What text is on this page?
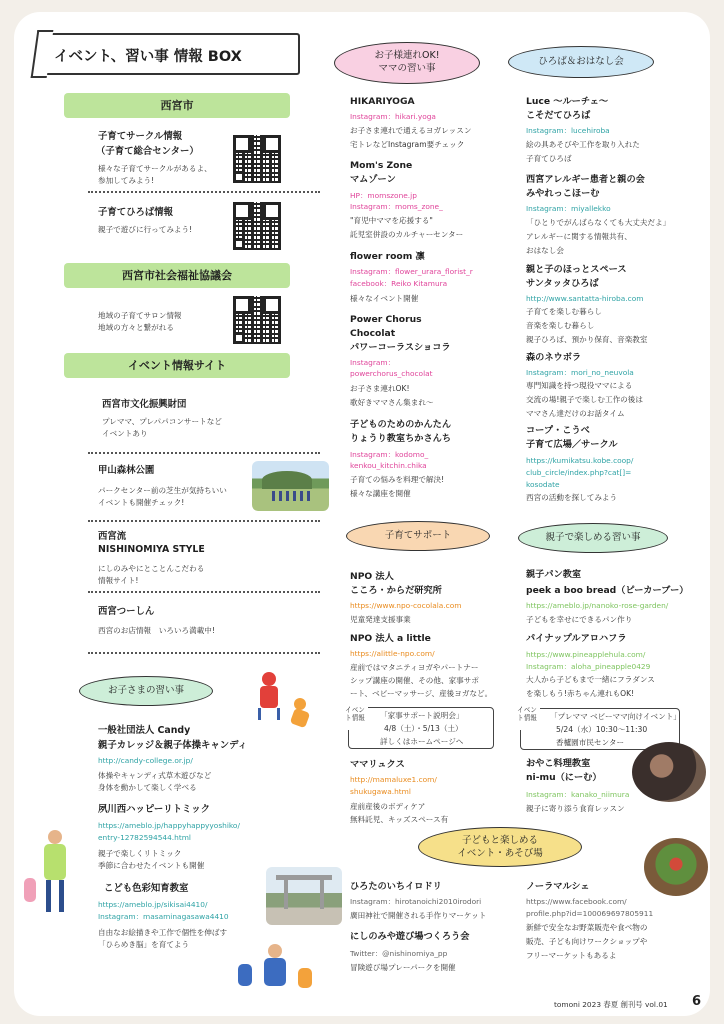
イベント、習い事 情報 BOX
西宮市
子育てサークル情報
（子育て総合センター）
様々な子育てサークルがあるよ、
参加してみよう!
子育てひろば情報
親子で遊びに行ってみよう!
西宮市社会福祉協議会
地域の子育てサロン情報
地域の方々と繋がれる
イベント情報サイト
西宮市文化振興財団
プレママ、プレパパコンサートなど
イベントあり
甲山森林公園
パークセンター前の芝生が気持ちいい
イベントも開催チェック!
西宮流
NISHINOMIYA STYLE
にしのみやにとことんこだわる
情報サイト!
西宮つーしん
西宮のお店情報　いろいろ満載中!
お子さまの習い事
一般社団法人 Candy
親子カレッジ＆親子体操キャンディ
http://candy-college.or.jp/
体操やキャンディ式草木遊びなど
身体を動かして楽しく学べる
夙川西ハッピーリトミック
https://ameblo.jp/happyhappyyoshiko/
entry-12782594544.html
親子で楽しくリトミック
季節に合わせたイベントも開催
こども色彩知育教室
https://ameblo.jp/sikisai4410/
Instagram：masaminagasawa4410
自由なお絵描きや工作で個性を伸ばす
「ひらめき脳」を育てよう
お子様連れOK!
ママの習い事
HIKARIYOGA
Instagram：hikari.yoga
お子さま連れで通えるヨガレッスン
宅トレなどInstagram要チェック
Mom's Zone
マムゾーン
HP：momszone.jp
Instagram：moms_zone_
"育児中ママを応援する"
託児室併設のカルチャーセンター
flower room 凛
Instagram：flower_urara_florist_r
facebook：Reiko Kitamura
様々なイベント開催
Power Chorus
Chocolat
パワーコーラスショコラ
Instagram：
powerchorus_chocolat
お子さま連れOK!
歌好きママさん集まれ～
子どものためのかんたん
りょうり教室ちかさんち
Instagram：kodomo_
kenkou_kitchin.chika
子育ての悩みを料理で解決!
様々な講座を開催
子育てサポート
NPO 法人
こころ・からだ研究所
https://www.npo-cocolala.com
児童発達支援事業
NPO 法人 a little
https://alittle-npo.com/
産前ではマタニティヨガやパートナー
シップ講座の開催、その他、家事サポ
ート、ベビーマッサージ、産後ヨガなど。
イベント情報	「家事サポート説明会」
4/8（土）・5/13（土）
詳しくはホームページへ
ママリュクス
http://mamaluxe1.com/
shukugawa.html
産前産後のボディケア
無料託児、キッズスペース有
ひろば＆おはなし会
Luce ～ルーチェ～
こそだてひろば
Instagram：lucehiroba
絵の具あそびや工作を取り入れた
子育てひろば
西宮アレルギー患者と親の会
みやれっこほーむ
Instagram：miyallekko
「ひとりでがんばらなくても大丈夫だよ」
アレルギーに関する情報共有、
おはなし会
親と子のほっとスペース
サンタッタひろば
http://www.santatta-hiroba.com
子育てを楽しむ暮らし
音楽を楽しむ暮らし
親子ひろば、預かり保育、音楽教室
森のネウボラ
Instagram：mori_no_neuvola
専門知識を持つ現役ママによる
交流の場!親子で楽しむ工作の後は
ママさん達だけのお話タイム
コープ・こうべ
子育て広場／サークル
https://kumikatsu.kobe.coop/
club_circle/index.php?cat[]=
kosodate
西宮の活動を探してみよう
親子で楽しめる習い事
親子パン教室
peek a boo bread（ピーカーブー）
https://ameblo.jp/nanoko-rose-garden/
子どもを幸せにできるパン作り
パイナップルアロハフラ
https://www.pineapplehula.com/
Instagram：aloha_pineapple0429
大人から子どもまで一緒にフラダンス
を楽しもう!赤ちゃん連れもOK!
イベント情報	「プレママ ベビーママ向けイベント」
5/24（水）10:30～11:30
香櫨園市民センター
おやこ料理教室
ni-mu（にーむ）
Instagram：kanako_niimura
親子に寄り添う食育レッスン
子どもと楽しめる
イベント・あそび場
ひろたのいちイロドリ
Instagram：hirotanoichi2010irodori
廣田神社で開催される手作りマーケット
にしのみや遊び場つくろう会
Twitter：@nishinomiya_pp
冒険遊び場プレーパークを開催
ノーラマルシェ
https://www.facebook.com/
profile.php?id=100069697805911
新鮮で安全なお野菜販売や食べ物の
販売、子ども向けワークショップや
フリーマーケットもあるよ
tomoni 2023 春夏 創刊号 vol.01 6
